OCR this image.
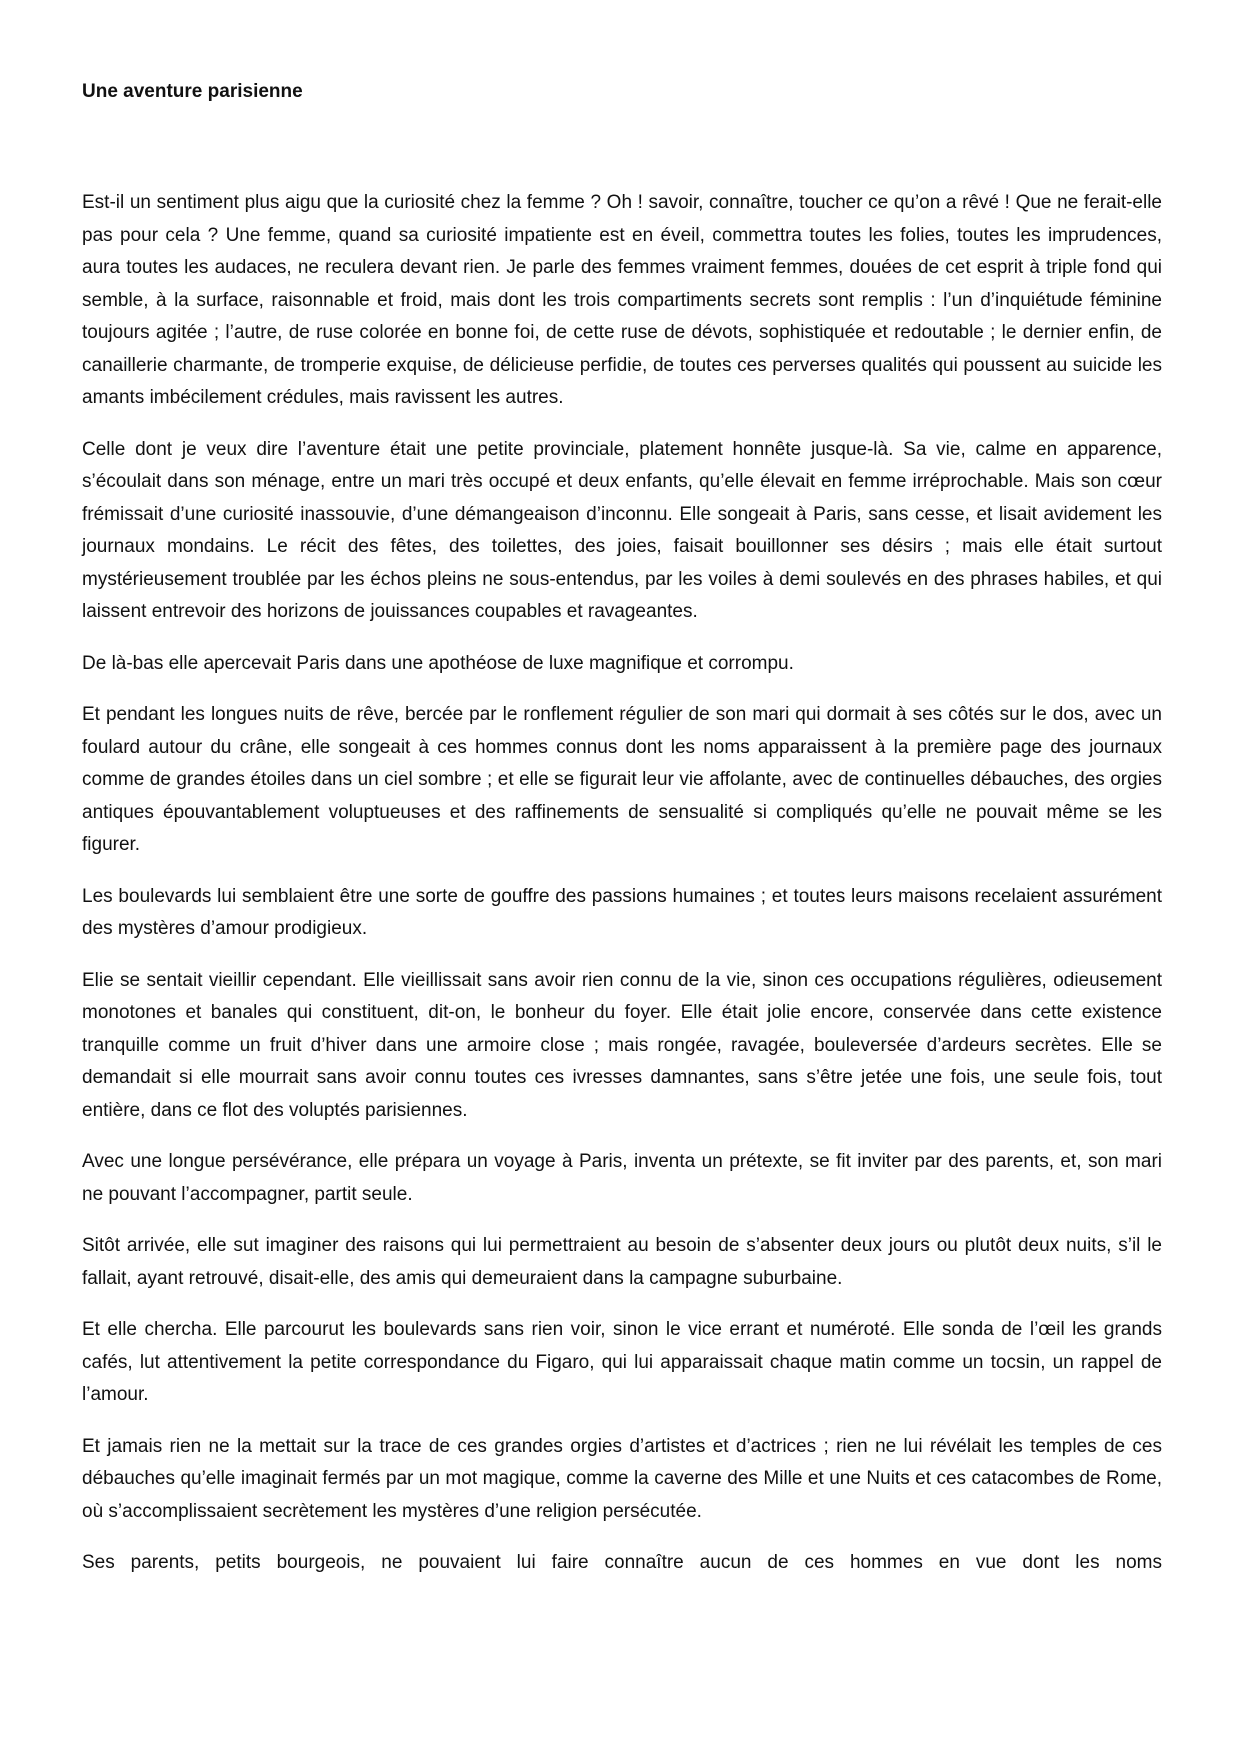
Une aventure parisienne

Est-il un sentiment plus aigu que la curiosité chez la femme ? Oh ! savoir, connaître, toucher ce qu’on a rêvé ! Que ne ferait-elle pas pour cela ? Une femme, quand sa curiosité impatiente est en éveil, commettra toutes les folies, toutes les imprudences, aura toutes les audaces, ne reculera devant rien. Je parle des femmes vraiment femmes, douées de cet esprit à triple fond qui semble, à la surface, raisonnable et froid, mais dont les trois compartiments secrets sont remplis : l’un d’inquiétude féminine toujours agitée ; l’autre, de ruse colorée en bonne foi, de cette ruse de dévots, sophistiquée et redoutable ; le dernier enfin, de canaillerie charmante, de tromperie exquise, de délicieuse perfidie, de toutes ces perverses qualités qui poussent au suicide les amants imbécilement crédules, mais ravissent les autres.

Celle dont je veux dire l’aventure était une petite provinciale, platement honnête jusque-là. Sa vie, calme en apparence, s’écoulait dans son ménage, entre un mari très occupé et deux enfants, qu’elle élevait en femme irréprochable. Mais son cœur frémissait d’une curiosité inassouvie, d’une démangeaison d’inconnu. Elle songeait à Paris, sans cesse, et lisait avidement les journaux mondains. Le récit des fêtes, des toilettes, des joies, faisait bouillonner ses désirs ; mais elle était surtout mystérieusement troublée par les échos pleins ne sous-entendus, par les voiles à demi soulevés en des phrases habiles, et qui laissent entrevoir des horizons de jouissances coupables et ravageantes.

De là-bas elle apercevait Paris dans une apothéose de luxe magnifique et corrompu.

Et pendant les longues nuits de rêve, bercée par le ronflement régulier de son mari qui dormait à ses côtés sur le dos, avec un foulard autour du crâne, elle songeait à ces hommes connus dont les noms apparaissent à la première page des journaux comme de grandes étoiles dans un ciel sombre ; et elle se figurait leur vie affolante, avec de continuelles débauches, des orgies antiques épouvantablement voluptueuses et des raffinements de sensualité si compliqués qu’elle ne pouvait même se les figurer.

Les boulevards lui semblaient être une sorte de gouffre des passions humaines ; et toutes leurs maisons recelaient assurément des mystères d’amour prodigieux.

Elie se sentait vieillir cependant. Elle vieillissait sans avoir rien connu de la vie, sinon ces occupations régulières, odieusement monotones et banales qui constituent, dit-on, le bonheur du foyer. Elle était jolie encore, conservée dans cette existence tranquille comme un fruit d’hiver dans une armoire close ; mais rongée, ravagée, bouleversée d’ardeurs secrètes. Elle se demandait si elle mourrait sans avoir connu toutes ces ivresses damnantes, sans s’être jetée une fois, une seule fois, tout entière, dans ce flot des voluptés parisiennes.

Avec une longue persévérance, elle prépara un voyage à Paris, inventa un prétexte, se fit inviter par des parents, et, son mari ne pouvant l’accompagner, partit seule.

Sitôt arrivée, elle sut imaginer des raisons qui lui permettraient au besoin de s’absenter deux jours ou plutôt deux nuits, s’il le fallait, ayant retrouvé, disait-elle, des amis qui demeuraient dans la campagne suburbaine.

Et elle chercha. Elle parcourut les boulevards sans rien voir, sinon le vice errant et numéroté. Elle sonda de l’œil les grands cafés, lut attentivement la petite correspondance du Figaro, qui lui apparaissait chaque matin comme un tocsin, un rappel de l’amour.

Et jamais rien ne la mettait sur la trace de ces grandes orgies d’artistes et d’actrices ; rien ne lui révélait les temples de ces débauches qu’elle imaginait fermés par un mot magique, comme la caverne des Mille et une Nuits et ces catacombes de Rome, où s’accomplissaient secrètement les mystères d’une religion persécutée.

Ses parents, petits bourgeois, ne pouvaient lui faire connaître aucun de ces hommes en vue dont les noms
